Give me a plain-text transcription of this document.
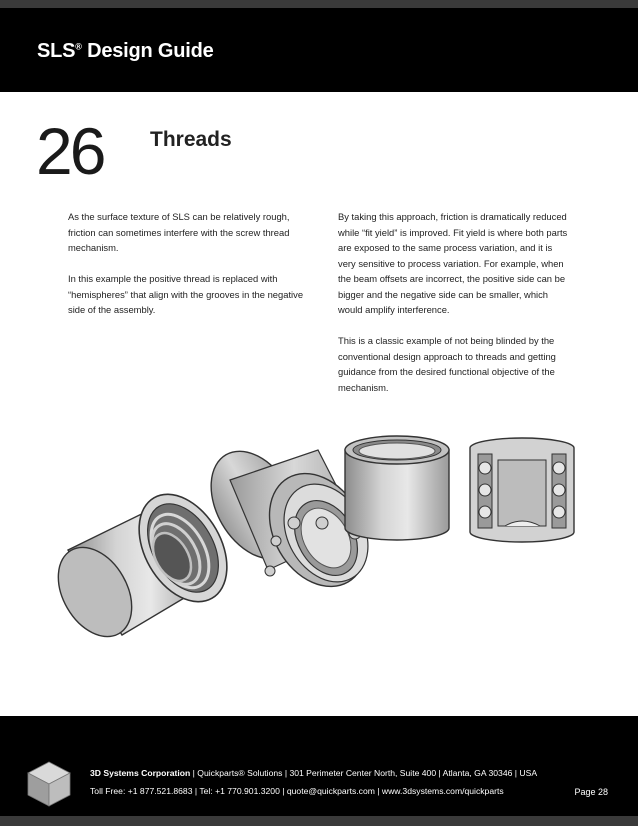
SLS® Design Guide
26 Threads

As the surface texture of SLS can be relatively rough, friction can sometimes interfere with the screw thread mechanism.

In this example the positive thread is replaced with “hemispheres” that align with the grooves in the negative side of the assembly.

By taking this approach, friction is dramatically reduced while “fit yield” is improved. Fit yield is where both parts are exposed to the same process variation, and it is very sensitive to process variation. For example, when the beam offsets are incorrect, the positive side can be bigger and the negative side can be smaller, which would amplify interference.

This is a classic example of not being blinded by the conventional design approach to threads and getting guidance from the desired functional objective of the mechanism.

3D Systems Corporation | Quickparts® Solutions | 301 Perimeter Center North, Suite 400 | Atlanta, GA 30346 | USA
Toll Free: +1 877.521.8683 | Tel: +1 770.901.3200 | quote@quickparts.com | www.3dsystems.com/quickparts	Page 28
